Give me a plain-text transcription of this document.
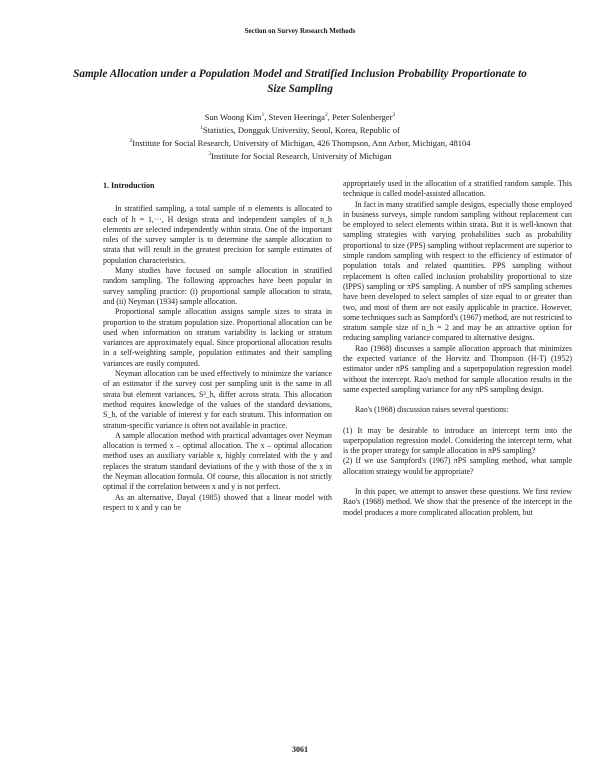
Section on Survey Research Methods
Sample Allocation under a Population Model and Stratified Inclusion Probability Proportionate to Size Sampling
Sun Woong Kim$^1$, Steven Heeringa$^2$, Peter Solenberger$^3$
$^1$Statistics, Dongguk University, Seoul, Korea, Republic of
$^2$Institute for Social Research, University of Michigan, 426 Thompson, Ann Arbor, Michigan, 48104
$^3$Institute for Social Research, University of Michigan
1. Introduction

In stratified sampling, a total sample of n elements is allocated to each of h = 1,···, H design strata and independent samples of n_h elements are selected independently within strata. One of the important roles of the survey sampler is to determine the sample allocation to strata that will result in the greatest precision for sample estimates of population characteristics.

Many studies have focused on sample allocation in stratified random sampling. The following approaches have been popular in survey sampling practice: (i) proportional sample allocation to strata, and (ii) Neyman (1934) sample allocation.

Proportional sample allocation assigns sample sizes to strata in proportion to the stratum population size. Proportional allocation can be used when information on stratum variability is lacking or stratum variances are approximately equal. Since proportional allocation results in a self-weighting sample, population estimates and their sampling variances are easily computed.

Neyman allocation can be used effectively to minimize the variance of an estimator if the survey cost per sampling unit is the same in all strata but element variances, S²_h, differ across strata. This allocation method requires knowledge of the values of the standard deviations, S_h, of the variable of interest y for each stratum. This information on stratum-specific variance is often not available in practice.

A sample allocation method with practical advantages over Neyman allocation is termed x – optimal allocation. The x – optimal allocation method uses an auxiliary variable x, highly correlated with the y and replaces the stratum standard deviations of the y with those of the x in the Neyman allocation formula. Of course, this allocation is not strictly optimal if the correlation between x and y is not perfect.

As an alternative, Dayal (1985) showed that a linear model with respect to x and y can be

appropriately used in the allocation of a stratified random sample. This technique is called model-assisted allocation.

In fact in many stratified sample designs, especially those employed in business surveys, simple random sampling without replacement can be employed to select elements within strata. But it is well-known that sampling strategies with varying probabilities such as probability proportional to size (PPS) sampling without replacement are superior to simple random sampling with respect to the efficiency of estimator of population totals and related quantities. PPS sampling without replacement is often called inclusion probability proportional to size (IPPS) sampling or πPS sampling. A number of πPS sampling schemes have been developed to select samples of size equal to or greater than two, and most of them are not easily applicable in practice. However, some techniques such as Sampford's (1967) method, are not restricted to stratum sample size of n_h = 2 and may be an attractive option for reducing sampling variance compared to alternative designs.

Rao (1968) discusses a sample allocation approach that minimizes the expected variance of the Horvitz and Thompson (H-T) (1952) estimator under πPS sampling and a superpopulation regression model without the intercept. Rao's method for sample allocation results in the same expected sampling variance for any πPS sampling design.

Rao's (1968) discussion raises several questions:

(1) It may be desirable to introduce an intercept term into the superpopulation regression model. Considering the intercept term, what is the proper strategy for sample allocation in πPS sampling?

(2) If we use Sampford's (1967) πPS sampling method, what sample allocation strategy would be appropriate?

In this paper, we attempt to answer these questions. We first review Rao's (1968) method. We show that the presence of the intercept in the model produces a more complicated allocation problem, but

3061
